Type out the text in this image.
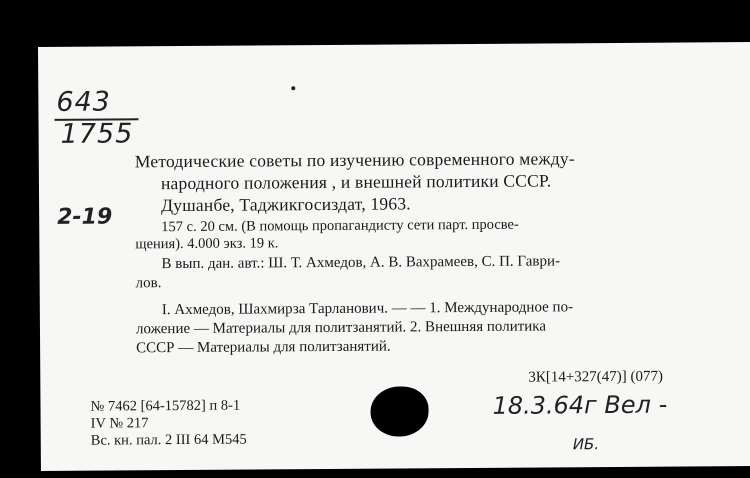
643
1755
2-19
Методические советы по изучению современного между-
народного положения , и внешней политики СССР.
Душанбе, Таджикгосиздат, 1963.
157 с. 20 см. (В помощь пропагандисту сети парт. просве-
щения). 4.000 экз. 19 к.
В вып. дан. авт.: Ш. Т. Ахмедов, А. В. Вахрамеев, С. П. Гаври-
лов.
I. Ахмедов, Шахмирза Тарланович. — — 1. Международное по-
ложение — Материалы для политзанятий. 2. Внешняя политика
СССР — Матeриалы для политзанятий.
3К[14+327(47)] (077)
№ 7462 [64-15782] п 8-1
IV № 217
Вс. кн. пал. 2 III 64 М545
18.3.64г Вел -
ИБ.
